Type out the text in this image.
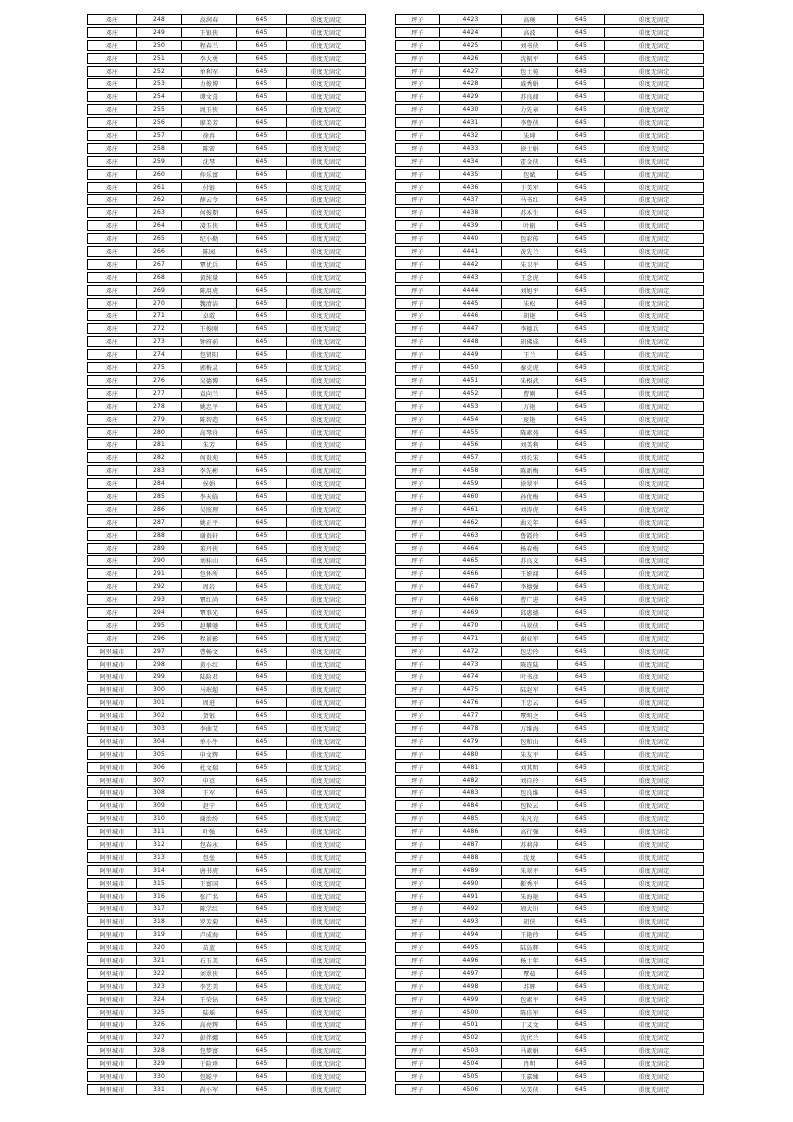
邓庄	248	高润春	645	重度无固定
邓庄	249	王银侠	645	重度无固定
邓庄	250	程春兰	645	重度无固定
邓庄	251	李大勇	645	重度无固定
邓庄	252	单利军	645	重度无固定
邓庄	253	力俊博	645	重度无固定
邓庄	254	谭文喜	645	重度无固定
邓庄	255	周玉侠	645	重度无固定
邓庄	256	廖美芳	645	重度无固定
邓庄	257	徐冉	645	重度无固定
邓庄	258	陈雷	645	重度无固定
邓庄	259	沈琴	645	重度无固定
邓庄	260	仲乐富	645	重度无固定
邓庄	261	付银	645	重度无固定
邓庄	262	薛云令	645	重度无固定
邓庄	263	何俊期	645	重度无固定
邓庄	264	凌玉侠	645	重度无固定
邓庄	265	纪小勤	645	重度无固定
邓庄	266	陈园	645	重度无固定
邓庄	267	覃优兵	645	重度无固定
邓庄	268	黄纯量	645	重度无固定
邓庄	269	陈用虎	645	重度无固定
邓庄	270	魏清洁	645	重度无固定
邓庄	271	卓霞	645	重度无固定
邓庄	272	王俊刚	645	重度无固定
邓庄	273	钟府前	645	重度无固定
邓庄	274	包贤阳	645	重度无固定
邓庄	275	郭梅灵	645	重度无固定
邓庄	276	吴德博	645	重度无固定
邓庄	277	袁向兰	645	重度无固定
邓庄	278	姚忠平	645	重度无固定
邓庄	279	陈智造	645	重度无固定
邓庄	280	高琴舟	645	重度无固定
邓庄	281	朱芳	645	重度无固定
邓庄	282	何贵苑	645	重度无固定
邓庄	283	李先彬	645	重度无固定
邓庄	284	侯娟	645	重度无固定
邓庄	285	李天临	645	重度无固定
邓庄	286	吴照理	645	重度无固定
邓庄	287	姚正平	645	重度无固定
邓庄	288	谢贵轩	645	重度无固定
邓庄	289	董丹侠	645	重度无固定
邓庄	290	刘桂山	645	重度无固定
邓庄	291	包怀所	645	重度无固定
邓庄	292	周岩	645	重度无固定
邓庄	293	覃红尚	645	重度无固定
邓庄	294	覃事光	645	重度无固定
邓庄	295	赵攀驰	645	重度无固定
邓庄	296	程景影	645	重度无固定
阿里城市	297	曹畅文	645	重度无固定
阿里城市	298	黄小红	645	重度无固定
阿里城市	299	陆险君	645	重度无固定
阿里城市	300	马珉超	645	重度无固定
阿里城市	301	周进	645	重度无固定
阿里城市	302	贺银	645	重度无固定
阿里城市	303	李曲艾	645	重度无固定
阿里城市	304	单小牛	645	重度无固定
阿里城市	305	申文辉	645	重度无固定
阿里城市	306	杜文瑞	645	重度无固定
阿里城市	307	申京	645	重度无固定
阿里城市	308	王军	645	重度无固定
阿里城市	309	赵宁	645	重度无固定
阿里城市	310	谢治纷	645	重度无固定
阿里城市	311	叶强	645	重度无固定
阿里城市	312	包春永	645	重度无固定
阿里城市	313	包垒	645	重度无固定
阿里城市	314	唐书虎	645	重度无固定
阿里城市	315	王富国	645	重度无固定
阿里城市	316	张广名	645	重度无固定
阿里城市	317	陈学红	645	重度无固定
阿里城市	318	罗芳菊	645	重度无固定
阿里城市	319	卢成海	645	重度无固定
阿里城市	320	苗蓝	645	重度无固定
阿里城市	321	石玉美	645	重度无固定
阿里城市	322	刘翠侠	645	重度无固定
阿里城市	323	李艺美	645	重度无固定
阿里城市	324	王荣钻	645	重度无固定
阿里城市	325	陆瑶	645	重度无固定
阿里城市	326	高亮辉	645	重度无固定
阿里城市	327	彭伴娜	645	重度无固定
阿里城市	328	包梦富	645	重度无固定
阿里城市	329	于险珍	645	重度无固定
阿里城市	330	包聪平	645	重度无固定
阿里城市	331	尚小军	645	重度无固定
坪子	4423	高琬	645	重度无固定
坪子	4424	高波	645	重度无固定
坪子	4425	刘书侠	645	重度无固定
坪子	4426	沈振平	645	重度无固定
坪子	4427	包士菀	645	重度无固定
坪子	4428	戚秀娟	645	重度无固定
坪子	4429	苏良闻	645	重度无固定
坪子	4430	力先章	645	重度无固定
坪子	4431	李鲁侠	645	重度无固定
坪子	4432	朱坤	645	重度无固定
坪子	4433	徐士娟	645	重度无固定
坪子	4434	霍金侠	645	重度无固定
坪子	4435	包斌	645	重度无固定
坪子	4436	于美军	645	重度无固定
坪子	4437	马书红	645	重度无固定
坪子	4438	苏木生	645	重度无固定
坪子	4439	叶振	645	重度无固定
坪子	4440	包彩传	645	重度无固定
坪子	4441	黄先兰	645	重度无固定
坪子	4442	朱卫平	645	重度无固定
坪子	4443	王念虎	645	重度无固定
坪子	4444	刘旭平	645	重度无固定
坪子	4445	朱松	645	重度无固定
坪子	4446	胡艳	645	重度无固定
坪子	4447	李德兵	645	重度无固定
坪子	4448	胡佛成	645	重度无固定
坪子	4449	王兰	645	重度无固定
坪子	4450	秦克虎	645	重度无固定
坪子	4451	朱相武	645	重度无固定
坪子	4452	曹刚	645	重度无固定
坪子	4453	万艳	645	重度无固定
坪子	4454	庞艳	645	重度无固定
坪子	4455	陈素苑	645	重度无固定
坪子	4456	刘美利	645	重度无固定
坪子	4457	刘长宋	645	重度无固定
坪子	4458	陈新梅	645	重度无固定
坪子	4459	徐翠平	645	重度无固定
坪子	4460	孙优梅	645	重度无固定
坪子	4461	刘涛虎	645	重度无固定
坪子	4462	曲元年	645	重度无固定
坪子	4463	鲁霞玲	645	重度无固定
坪子	4464	杨春梅	645	重度无固定
坪子	4465	苏良义	645	重度无固定
坪子	4466	王妍闻	645	重度无固定
坪子	4467	李德强	645	重度无固定
坪子	4468	曹广进	645	重度无固定
坪子	4469	邱惠德	645	重度无固定
坪子	4470	马翠侠	645	重度无固定
坪子	4471	谢业军	645	重度无固定
坪子	4472	包忠玲	645	重度无固定
坪子	4473	陈连陆	645	重度无固定
坪子	4474	叶书彦	645	重度无固定
坪子	4475	陆赵军	645	重度无固定
坪子	4476	王忠云	645	重度无固定
坪子	4477	覃明之	645	重度无固定
坪子	4478	万维海	645	重度无固定
坪子	4479	包和山	645	重度无固定
坪子	4480	朱友平	645	重度无固定
坪子	4481	刘其明	645	重度无固定
坪子	4482	刘自玲	645	重度无固定
坪子	4483	包良维	645	重度无固定
坪子	4484	包粒云	645	重度无固定
坪子	4485	朱凡克	645	重度无固定
坪子	4486	高行强	645	重度无固定
坪子	4487	苏莉萍	645	重度无固定
坪子	4488	沈龙	645	重度无固定
坪子	4489	朱翠平	645	重度无固定
坪子	4490	靳秀平	645	重度无固定
坪子	4491	朱海艳	645	重度无固定
坪子	4492	周大川	645	重度无固定
坪子	4493	胡侠	645	重度无固定
坪子	4494	王艳玲	645	重度无固定
坪子	4495	陆岛辉	645	重度无固定
坪子	4496	杨士年	645	重度无固定
坪子	4497	覃茹	645	重度无固定
坪子	4498	苏辉	645	重度无固定
坪子	4499	包素平	645	重度无固定
坪子	4500	陈佳军	645	重度无固定
坪子	4501	丁义文	645	重度无固定
坪子	4502	沈伏兰	645	重度无固定
坪子	4503	马素娟	645	重度无固定
坪子	4504	肖明	645	重度无固定
坪子	4505	王嘉臻	645	重度无固定
坪子	4506	吴美侠	645	重度无固定
